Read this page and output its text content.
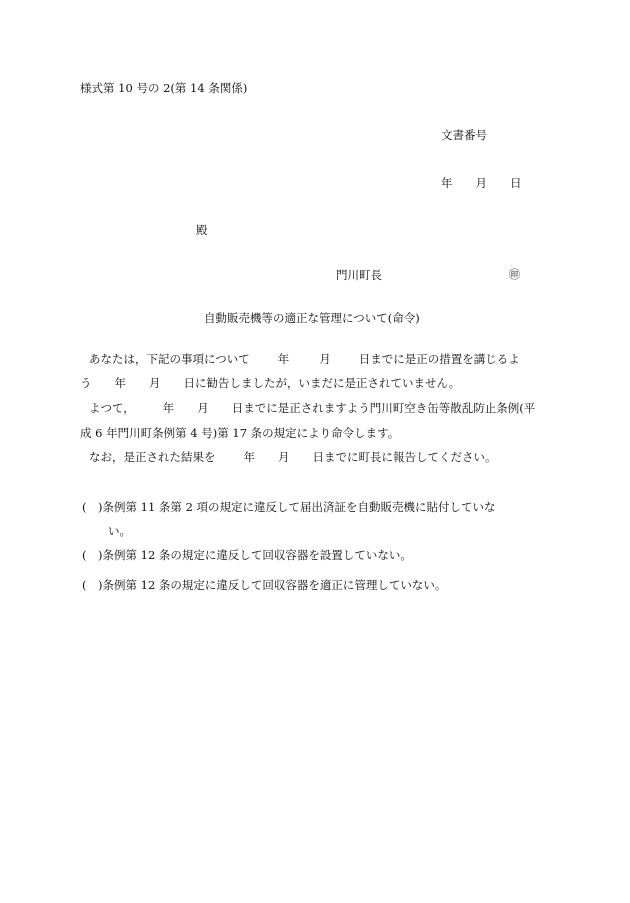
様式第 10 号の 2(第 14 条関係)
文書番号
年 月 日
殿
門川町長	㊞
自動販売機等の適正な管理について(命令)
あなたは，下記の事項について 年	月 日までに是正の措置を講じるよ
う 年 月 日に勧告しましたが，いまだに是正されていません。
よつて， 年 月 日までに是正されますよう門川町空き缶等散乱防止条例(平
成 6 年門川町条例第 4 号)第 17 条の規定により命令します。
なお，是正された結果を 年 月 日までに町長に報告してください。
(　)条例第 11 条第 2 項の規定に違反して届出済証を自動販売機に貼付していな
い。
(　)条例第 12 条の規定に違反して回収容器を設置していない。
(　)条例第 12 条の規定に違反して回収容器を適正に管理していない。
